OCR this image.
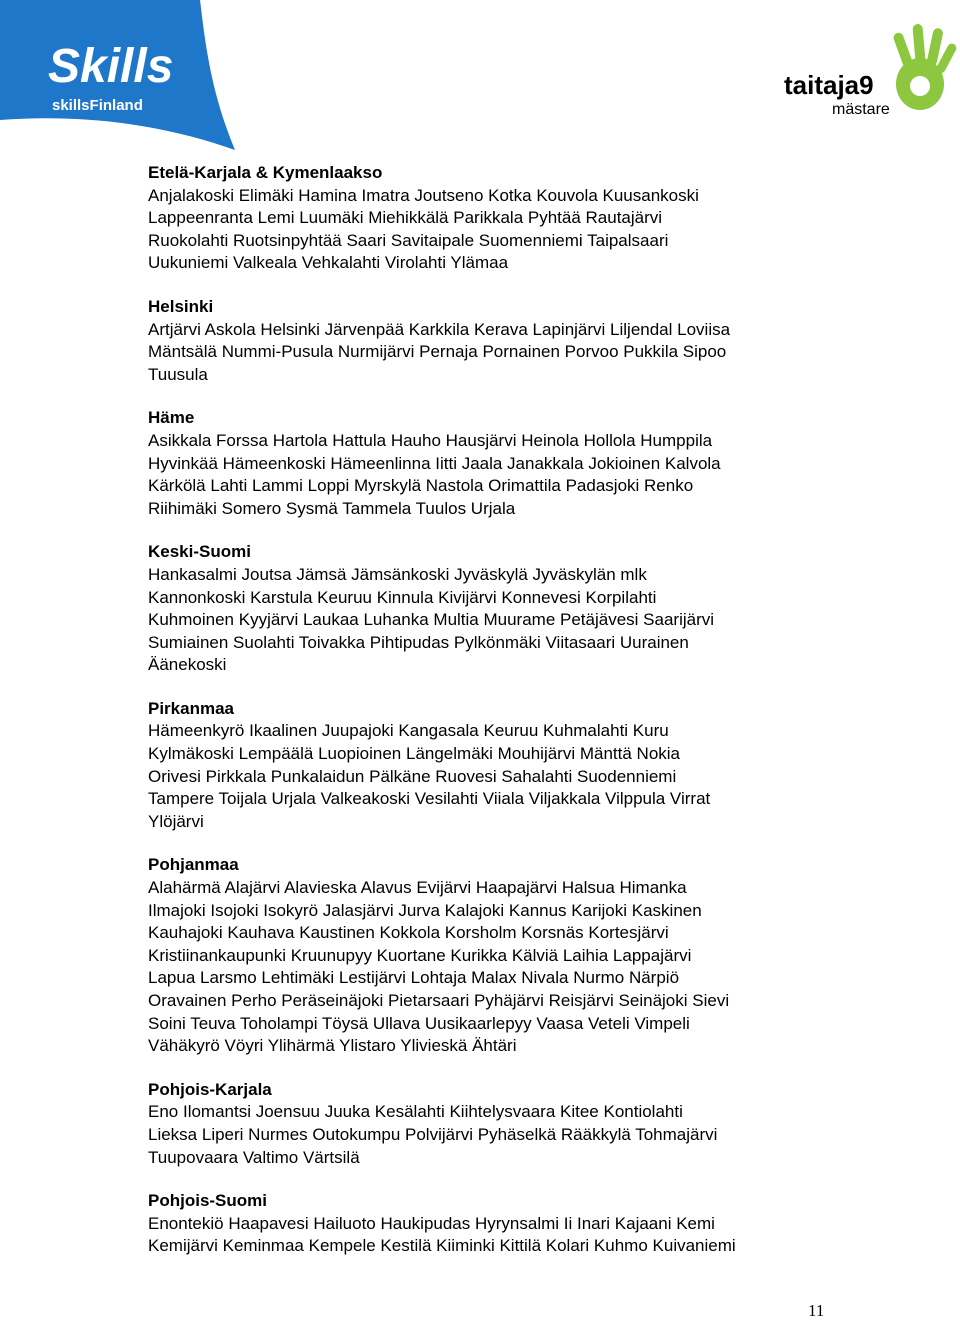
Skills
skillsFinland
taitaja9
mästare

Etelä-Karjala & Kymenlaakso

Anjalakoski Elimäki Hamina Imatra Joutseno Kotka Kouvola Kuusankoski

Lappeenranta Lemi Luumäki Miehikkälä Parikkala Pyhtää Rautajärvi

Ruokolahti Ruotsinpyhtää Saari Savitaipale Suomenniemi Taipalsaari

Uukuniemi Valkeala Vehkalahti Virolahti Ylämaa

Helsinki

Artjärvi Askola Helsinki Järvenpää Karkkila Kerava Lapinjärvi Liljendal Loviisa

Mäntsälä Nummi-Pusula Nurmijärvi Pernaja Pornainen Porvoo Pukkila Sipoo

Tuusula

Häme

Asikkala Forssa Hartola Hattula Hauho Hausjärvi Heinola Hollola Humppila

Hyvinkää Hämeenkoski Hämeenlinna Iitti Jaala Janakkala Jokioinen Kalvola

Kärkölä Lahti Lammi Loppi Myrskylä Nastola Orimattila Padasjoki Renko

Riihimäki Somero Sysmä Tammela Tuulos Urjala

Keski-Suomi

Hankasalmi Joutsa Jämsä Jämsänkoski Jyväskylä Jyväskylän mlk

Kannonkoski Karstula Keuruu Kinnula Kivijärvi Konnevesi Korpilahti

Kuhmoinen Kyyjärvi Laukaa Luhanka Multia Muurame Petäjävesi Saarijärvi

Sumiainen Suolahti Toivakka Pihtipudas Pylkönmäki Viitasaari Uurainen

Äänekoski

Pirkanmaa

Hämeenkyrö Ikaalinen Juupajoki Kangasala Keuruu Kuhmalahti Kuru

Kylmäkoski Lempäälä Luopioinen Längelmäki Mouhijärvi Mänttä Nokia

Orivesi Pirkkala Punkalaidun Pälkäne Ruovesi Sahalahti Suodenniemi

Tampere Toijala Urjala Valkeakoski Vesilahti Viiala Viljakkala Vilppula Virrat

Ylöjärvi

Pohjanmaa

Alahärmä Alajärvi Alavieska Alavus Evijärvi Haapajärvi Halsua Himanka

Ilmajoki Isojoki Isokyrö Jalasjärvi Jurva Kalajoki Kannus Karijoki Kaskinen

Kauhajoki Kauhava Kaustinen Kokkola Korsholm Korsnäs Kortesjärvi

Kristiinankaupunki Kruunupyy Kuortane Kurikka Kälviä Laihia Lappajärvi

Lapua Larsmo Lehtimäki Lestijärvi Lohtaja Malax Nivala Nurmo Närpiö

Oravainen Perho Peräseinäjoki Pietarsaari Pyhäjärvi Reisjärvi Seinäjoki Sievi

Soini Teuva Toholampi Töysä Ullava Uusikaarlepyy Vaasa Veteli Vimpeli

Vähäkyrö Vöyri Ylihärmä Ylistaro Ylivieskä Ähtäri

Pohjois-Karjala

Eno Ilomantsi Joensuu Juuka Kesälahti Kiihtelysvaara Kitee Kontiolahti

Lieksa Liperi Nurmes Outokumpu Polvijärvi Pyhäselkä Rääkkylä Tohmajärvi

Tuupovaara Valtimo Värtsilä

Pohjois-Suomi

Enontekiö Haapavesi Hailuoto Haukipudas Hyrynsalmi Ii Inari Kajaani Kemi

Kemijärvi Keminmaa Kempele Kestilä Kiiminki Kittilä Kolari Kuhmo Kuivaniemi

11
